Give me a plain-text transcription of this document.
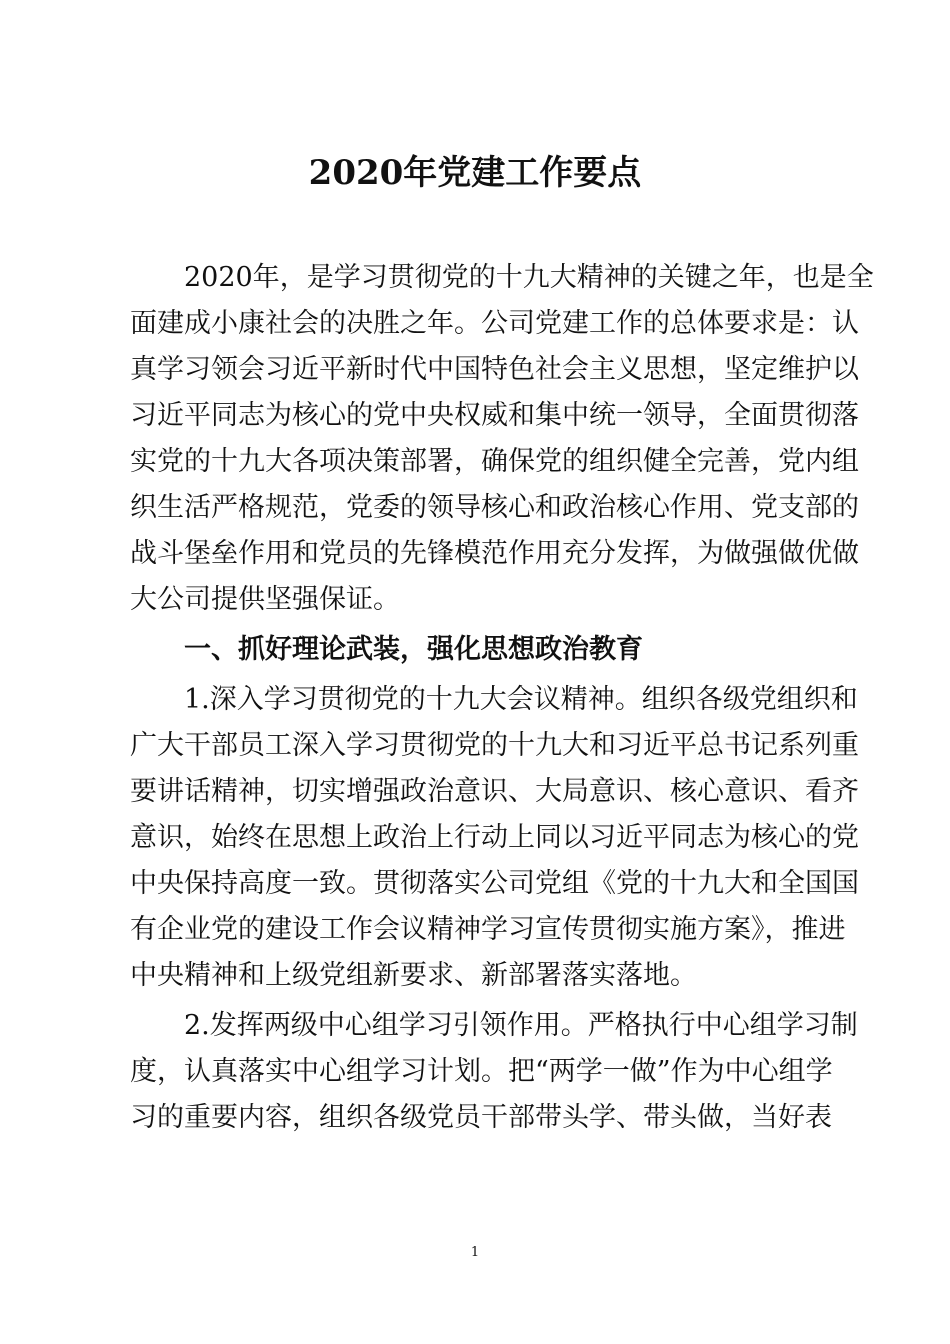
2020年党建工作要点
2020年，是学习贯彻党的十九大精神的关键之年，也是全
面建成小康社会的决胜之年。公司党建工作的总体要求是：认
真学习领会习近平新时代中国特色社会主义思想，坚定维护以
习近平同志为核心的党中央权威和集中统一领导，全面贯彻落
实党的十九大各项决策部署，确保党的组织健全完善，党内组
织生活严格规范，党委的领导核心和政治核心作用、党支部的
战斗堡垒作用和党员的先锋模范作用充分发挥，为做强做优做
大公司提供坚强保证。
一、抓好理论武装，强化思想政治教育
1.深入学习贯彻党的十九大会议精神。组织各级党组织和
广大干部员工深入学习贯彻党的十九大和习近平总书记系列重
要讲话精神，切实增强政治意识、大局意识、核心意识、看齐
意识，始终在思想上政治上行动上同以习近平同志为核心的党
中央保持高度一致。贯彻落实公司党组《党的十九大和全国国
有企业党的建设工作会议精神学习宣传贯彻实施方案》，推进
中央精神和上级党组新要求、新部署落实落地。
2.发挥两级中心组学习引领作用。严格执行中心组学习制
度，认真落实中心组学习计划。把“两学一做”作为中心组学
习的重要内容，组织各级党员干部带头学、带头做，当好表
1
